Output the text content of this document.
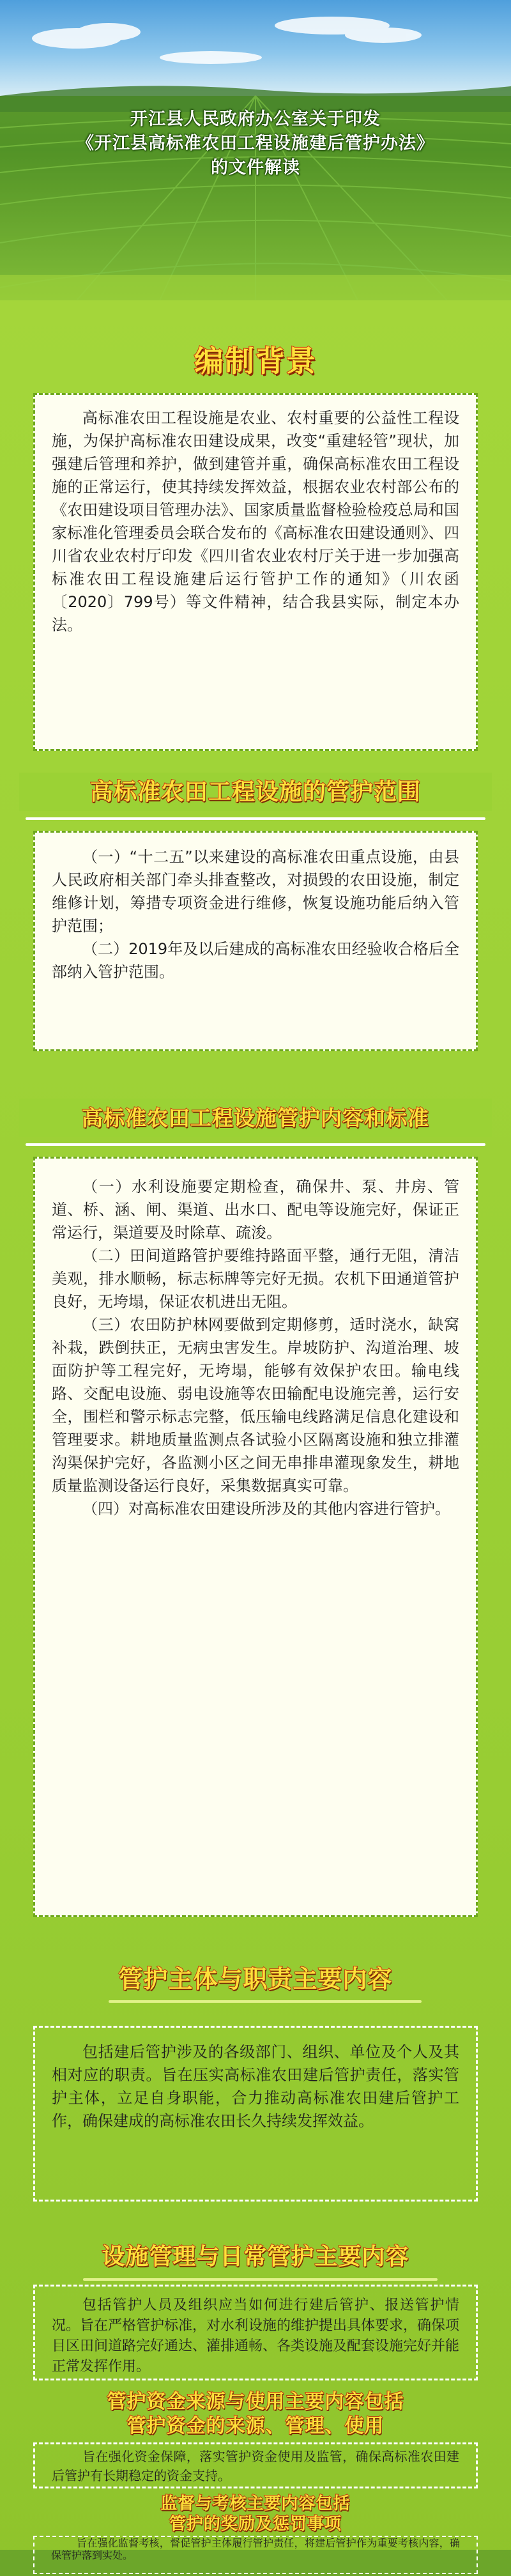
开江县人民政府办公室关于印发
《开江县高标准农田工程设施建后管护办法》
的文件解读
编制背景

高标准农田工程设施是农业、农村重要的公益性工程设施，为保护高标准农田建设成果，改变“重建轻管”现状，加强建后管理和养护，做到建管并重，确保高标准农田工程设施的正常运行，使其持续发挥效益，根据农业农村部公布的《农田建设项目管理办法》、国家质量监督检验检疫总局和国家标准化管理委员会联合发布的《高标准农田建设通则》、四川省农业农村厅印发《四川省农业农村厅关于进一步加强高标准农田工程设施建后运行管护工作的通知》（川农函〔2020〕799号）等文件精神，结合我县实际，制定本办法。

高标准农田工程设施的管护范围

（一）“十二五”以来建设的高标准农田重点设施，由县人民政府相关部门牵头排查整改，对损毁的农田设施，制定维修计划，筹措专项资金进行维修，恢复设施功能后纳入管护范围；

（二）2019年及以后建成的高标准农田经验收合格后全部纳入管护范围。

高标准农田工程设施管护内容和标准

（一）水利设施要定期检查，确保井、泵、井房、管道、桥、涵、闸、渠道、出水口、配电等设施完好，保证正常运行，渠道要及时除草、疏浚。

（二）田间道路管护要维持路面平整，通行无阻，清洁美观，排水顺畅，标志标牌等完好无损。农机下田通道管护良好，无垮塌，保证农机进出无阻。

（三）农田防护林网要做到定期修剪，适时浇水，缺窝补栽，跌倒扶正，无病虫害发生。岸坡防护、沟道治理、坡面防护等工程完好，无垮塌，能够有效保护农田。输电线路、交配电设施、弱电设施等农田输配电设施完善，运行安全，围栏和警示标志完整，低压输电线路满足信息化建设和管理要求。耕地质量监测点各试验小区隔离设施和独立排灌沟渠保护完好，各监测小区之间无串排串灌现象发生，耕地质量监测设备运行良好，采集数据真实可靠。

（四）对高标准农田建设所涉及的其他内容进行管护。

管护主体与职责主要内容

包括建后管护涉及的各级部门、组织、单位及个人及其相对应的职责。旨在压实高标准农田建后管护责任，落实管护主体，立足自身职能，合力推动高标准农田建后管护工作，确保建成的高标准农田长久持续发挥效益。

设施管理与日常管护主要内容

包括管护人员及组织应当如何进行建后管护、报送管护情况。旨在严格管护标准，对水利设施的维护提出具体要求，确保项目区田间道路完好通达、灌排通畅、各类设施及配套设施完好并能正常发挥作用。

管护资金来源与使用主要内容包括
管护资金的来源、管理、使用

旨在强化资金保障，落实管护资金使用及监管，确保高标准农田建后管护有长期稳定的资金支持。

监督与考核主要内容包括
管护的奖励及惩罚事项

旨在强化监督考核，督促管护主体履行管护责任，将建后管护作为重要考核内容，确保管护落到实处。
